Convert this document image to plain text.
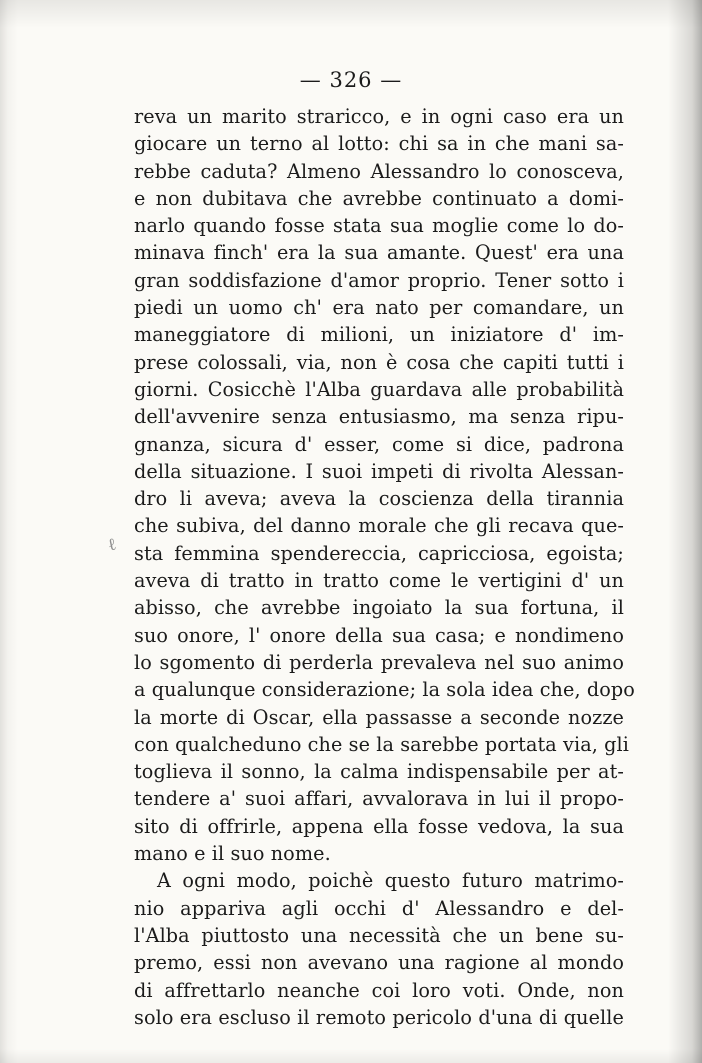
— 326 —
ℓ
reva un marito straricco, e in ogni caso era un
giocare un terno al lotto: chi sa in che mani sa-
rebbe caduta? Almeno Alessandro lo conosceva,
e non dubitava che avrebbe continuato a domi-
narlo quando fosse stata sua moglie come lo do-
minava finch' era la sua amante. Quest' era una
gran soddisfazione d'amor proprio. Tener sotto i
piedi un uomo ch' era nato per comandare, un
maneggiatore di milioni, un iniziatore d' im-
prese colossali, via, non è cosa che capiti tutti i
giorni. Cosicchè l'Alba guardava alle probabilità
dell'avvenire senza entusiasmo, ma senza ripu-
gnanza, sicura d' esser, come si dice, padrona
della situazione. I suoi impeti di rivolta Alessan-
dro li aveva; aveva la coscienza della tirannia
che subiva, del danno morale che gli recava que-
sta femmina spendereccia, capricciosa, egoista;
aveva di tratto in tratto come le vertigini d' un
abisso, che avrebbe ingoiato la sua fortuna, il
suo onore, l' onore della sua casa; e nondimeno
lo sgomento di perderla prevaleva nel suo animo
a qualunque considerazione; la sola idea che, dopo
la morte di Oscar, ella passasse a seconde nozze
con qualcheduno che se la sarebbe portata via, gli
toglieva il sonno, la calma indispensabile per at-
tendere a' suoi affari, avvalorava in lui il propo-
sito di offrirle, appena ella fosse vedova, la sua
mano e il suo nome.
A ogni modo, poichè questo futuro matrimo-
nio appariva agli occhi d' Alessandro e del-
l'Alba piuttosto una necessità che un bene su-
premo, essi non avevano una ragione al mondo
di affrettarlo neanche coi loro voti. Onde, non
solo era escluso il remoto pericolo d'una di quelle
